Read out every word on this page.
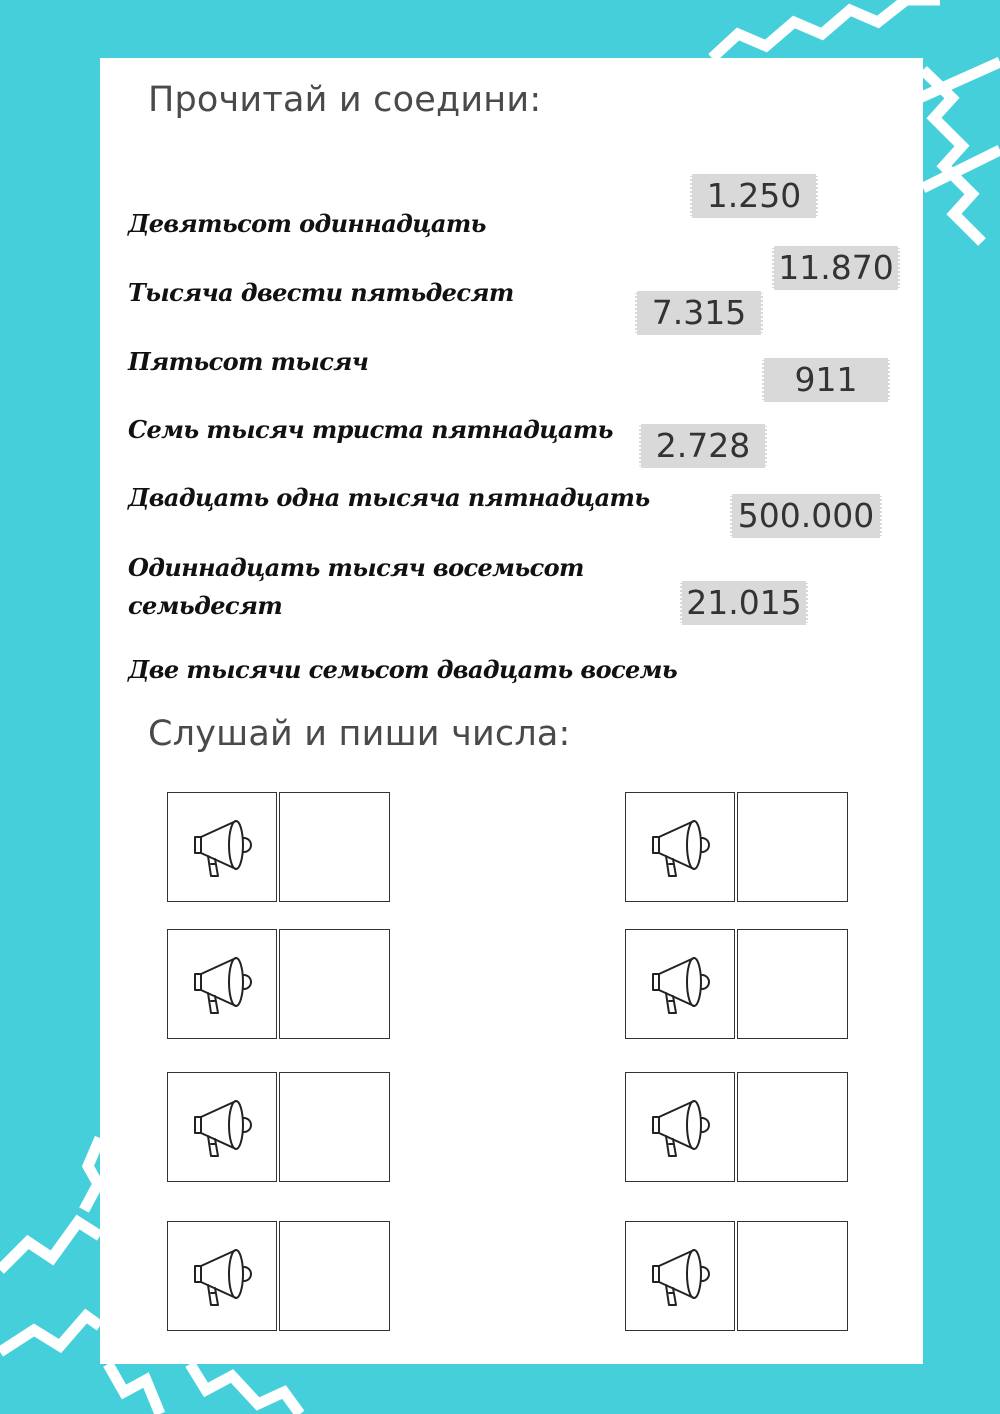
Прочитай и соедини:
Девятьсот одиннадцать
Тысяча двести пятьдесят
Пятьсот тысяч
Семь тысяч триста пятнадцать
Двадцать одна тысяча пятнадцать
Одиннадцать тысяч восемьсот семьдесят
Две тысячи семьсот двадцать восемь
1.250
11.870
7.315
911
2.728
500.000
21.015
Слушай и пиши числа:
